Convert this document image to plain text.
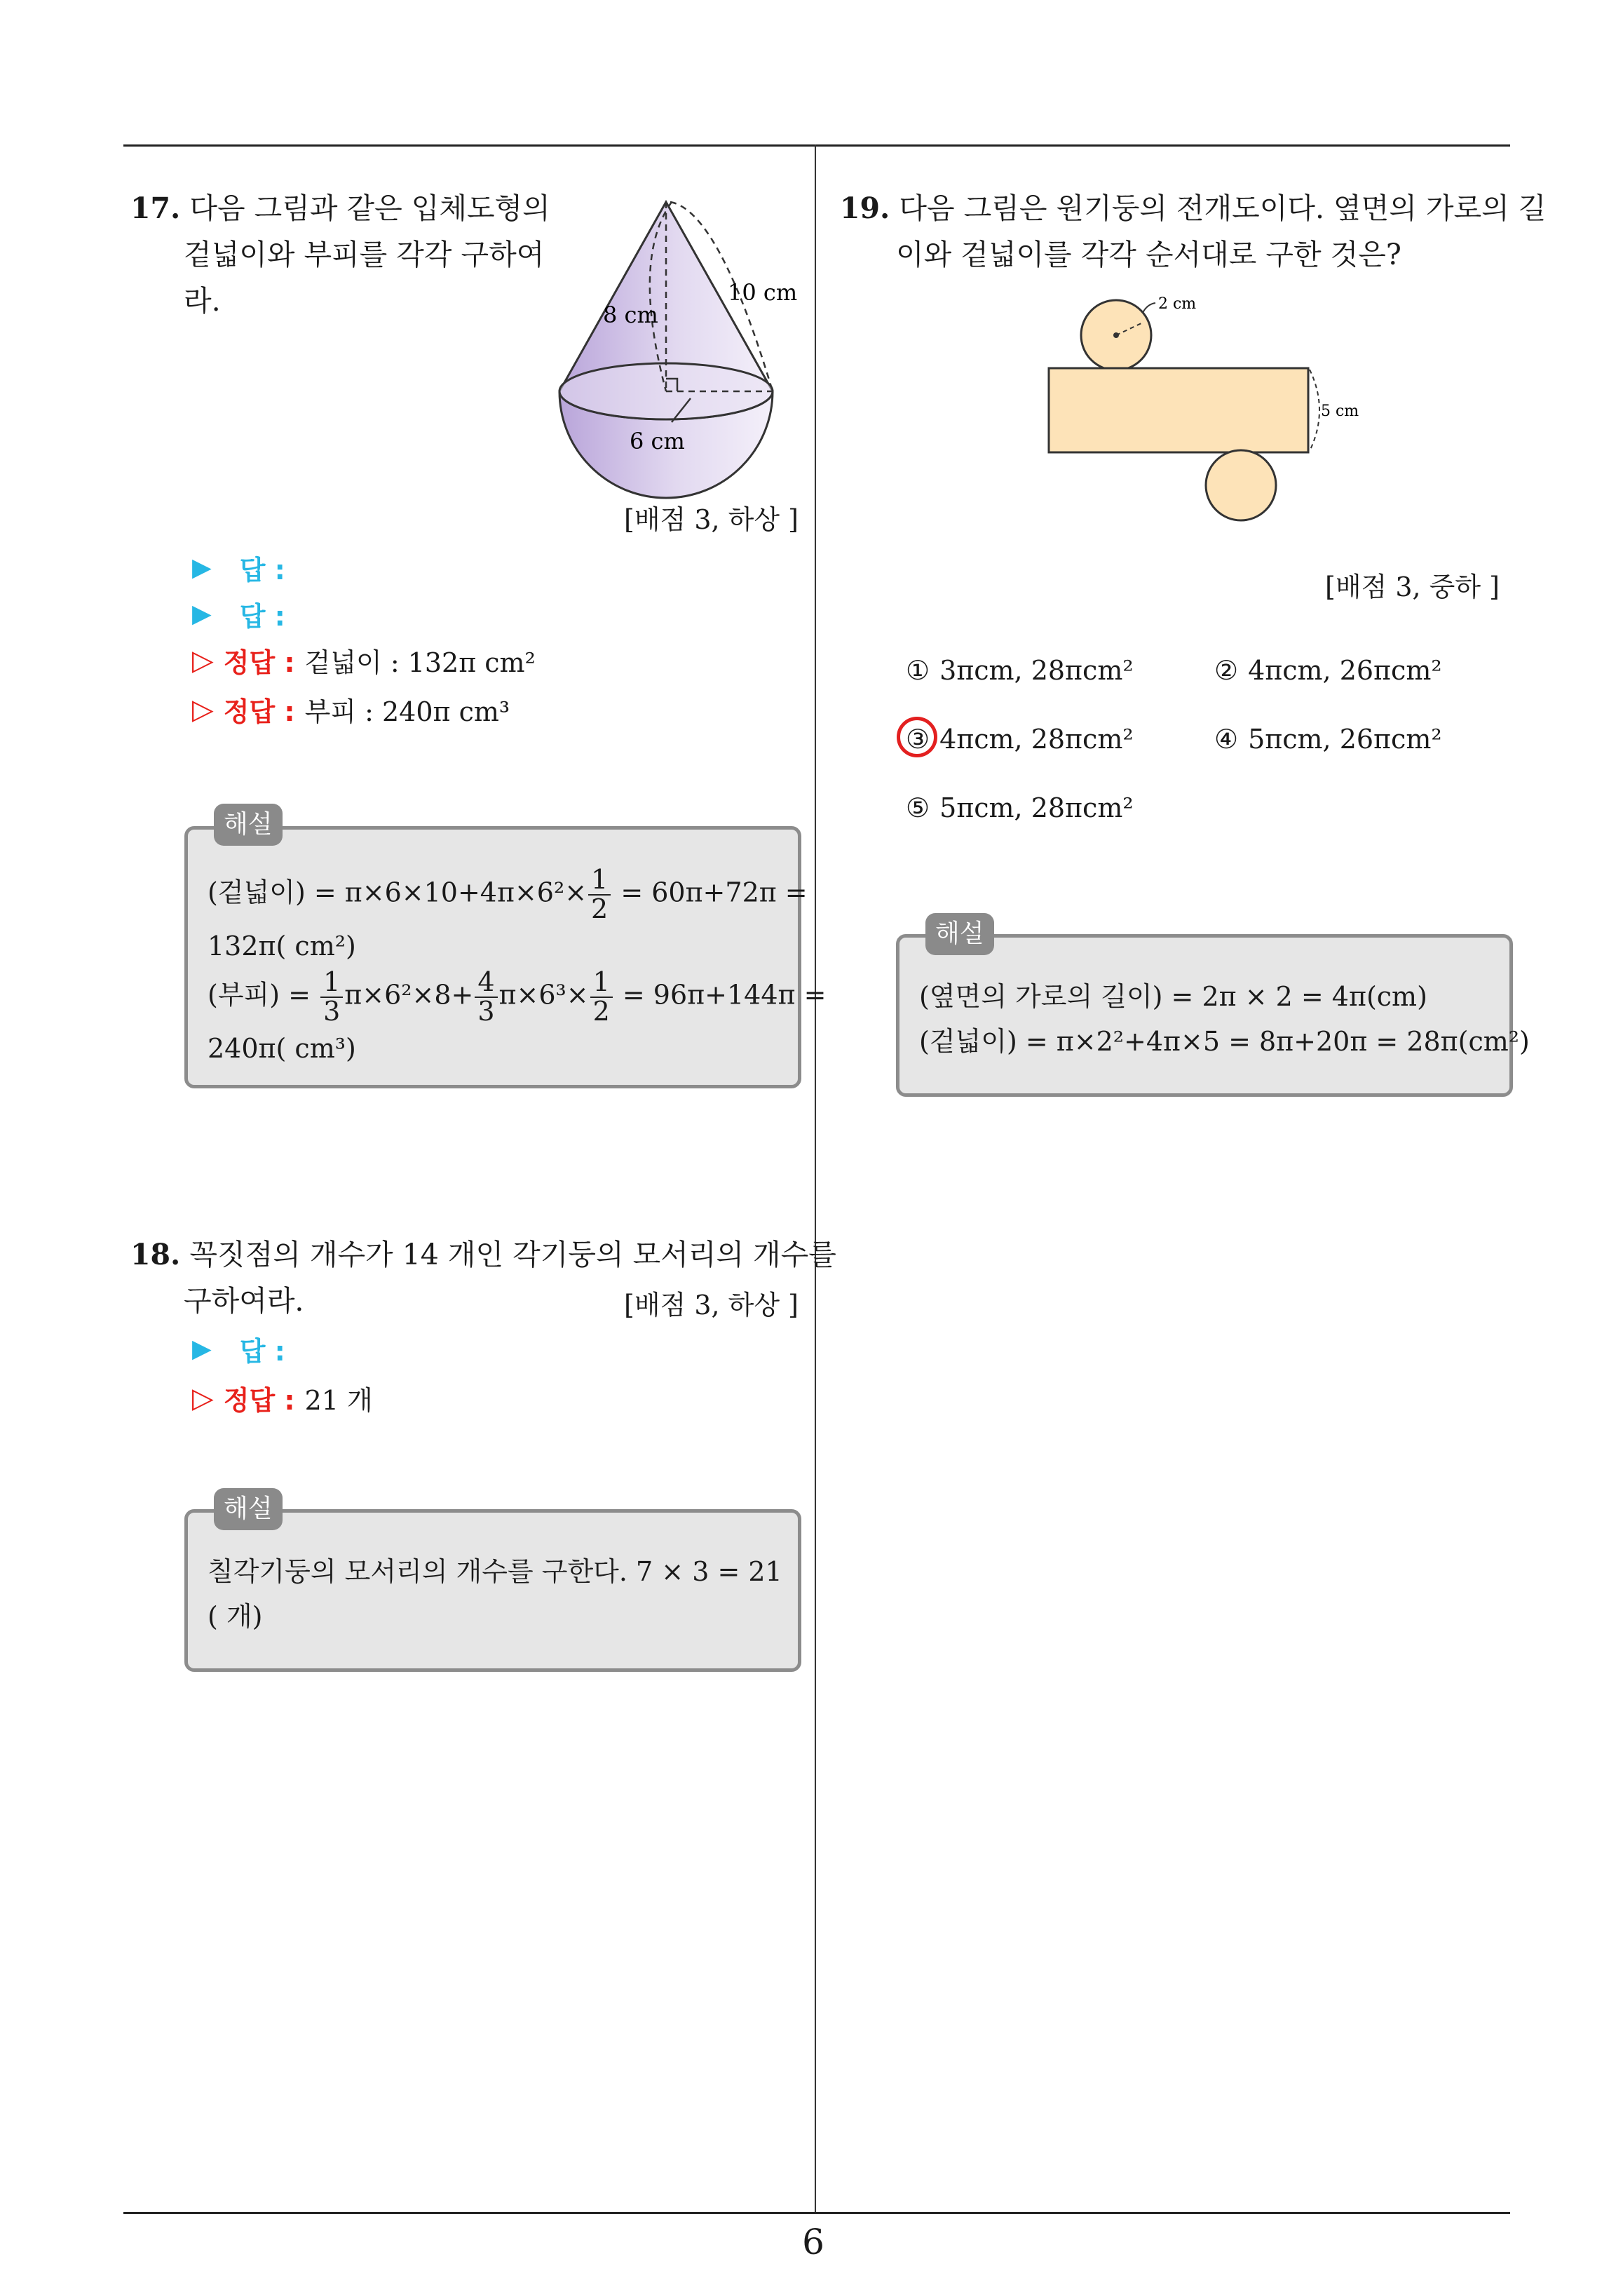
6
17. 다음 그림과 같은 입체도형의
겉넓이와 부피를 각각 구하여
라.	10 cm
8 cm
6 cm
[배점 3, 하상 ]
▶ 답 :
▶ 답 :
▷ 정답 : 겉넓이 : 132π cm²
▷ 정답 : 부피 : 240π cm³
(겉넓이) = $\pi\times 6\times 10+4\pi\times 6^2\times \frac{1}{2} = 60\pi+72\pi$ =
132π( cm²)
(부피) = $\frac{1}{3} \pi\times 6^2\times 8+ \frac{4}{3} \pi\times 6^3\times \frac{1}{2} = 96\pi+144\pi$ =
240π( cm³)
해설
18. 꼭짓점의 개수가 14 개인 각기둥의 모서리의 개수를
구하여라.	[배점 3, 하상 ]
▶ 답 :
▷ 정답 : 21 개
칠각기둥의 모서리의 개수를 구한다. 7 × 3 = 21
( 개)
해설
19. 다음 그림은 원기둥의 전개도이다. 옆면의 가로의 길
이와 겉넓이를 각각 순서대로 구한 것은?
2 cm
5 cm
[배점 3, 중하 ]
① 3πcm, 28πcm²	② 4πcm, 26πcm²
③ 4πcm, 28πcm²	④ 5πcm, 26πcm²
⑤ 5πcm, 28πcm²
(옆면의 가로의 길이) = 2π × 2 = 4π(cm)
(겉넓이) = π×2²+4π×5 = 8π+20π = 28π(cm²)
해설
